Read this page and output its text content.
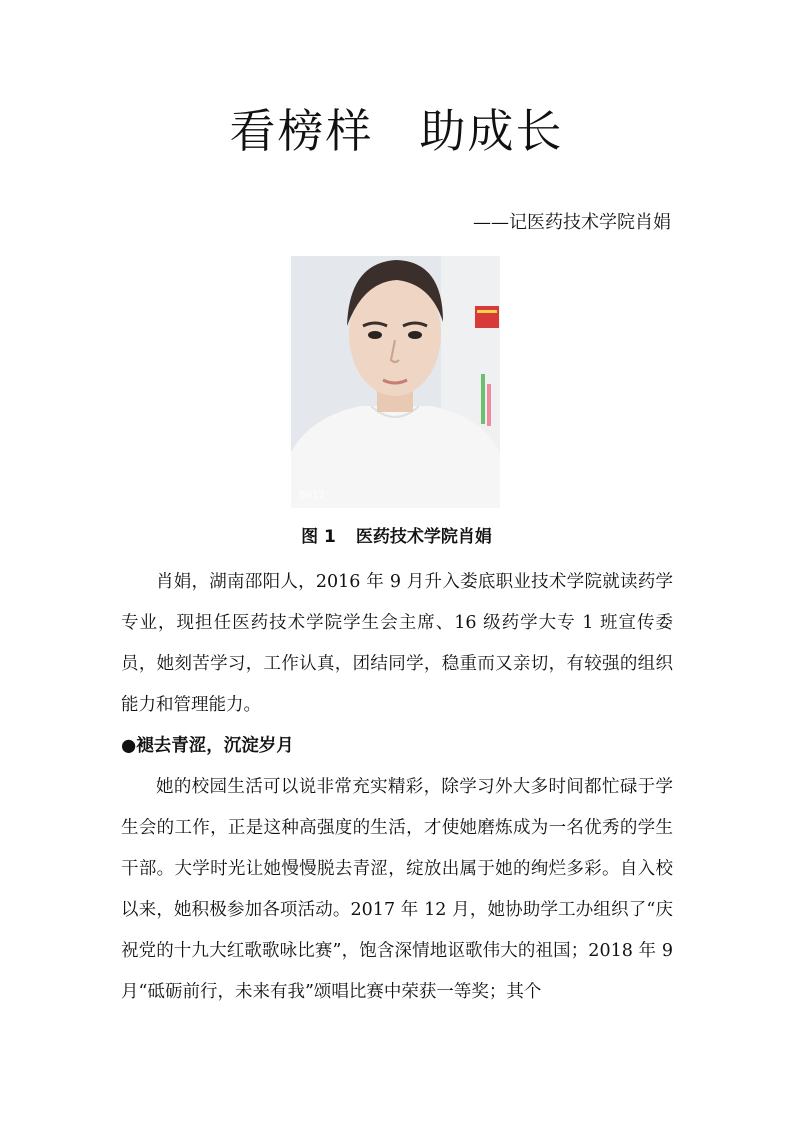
看榜样 助成长
——记医药技术学院肖娟
B612
图 1 医药技术学院肖娟

肖娟，湖南邵阳人，2016 年 9 月升入娄底职业技术学院就读药学专业，现担任医药技术学院学生会主席、16 级药学大专 1 班宣传委员，她刻苦学习，工作认真，团结同学，稳重而又亲切，有较强的组织能力和管理能力。

●褪去青涩，沉淀岁月

她的校园生活可以说非常充实精彩，除学习外大多时间都忙碌于学生会的工作，正是这种高强度的生活，才使她磨炼成为一名优秀的学生干部。大学时光让她慢慢脱去青涩，绽放出属于她的绚烂多彩。自入校以来，她积极参加各项活动。2017 年 12 月，她协助学工办组织了“庆祝党的十九大红歌歌咏比赛”，饱含深情地讴歌伟大的祖国；2018 年 9 月“砥砺前行，未来有我”颂唱比赛中荣获一等奖；其个
